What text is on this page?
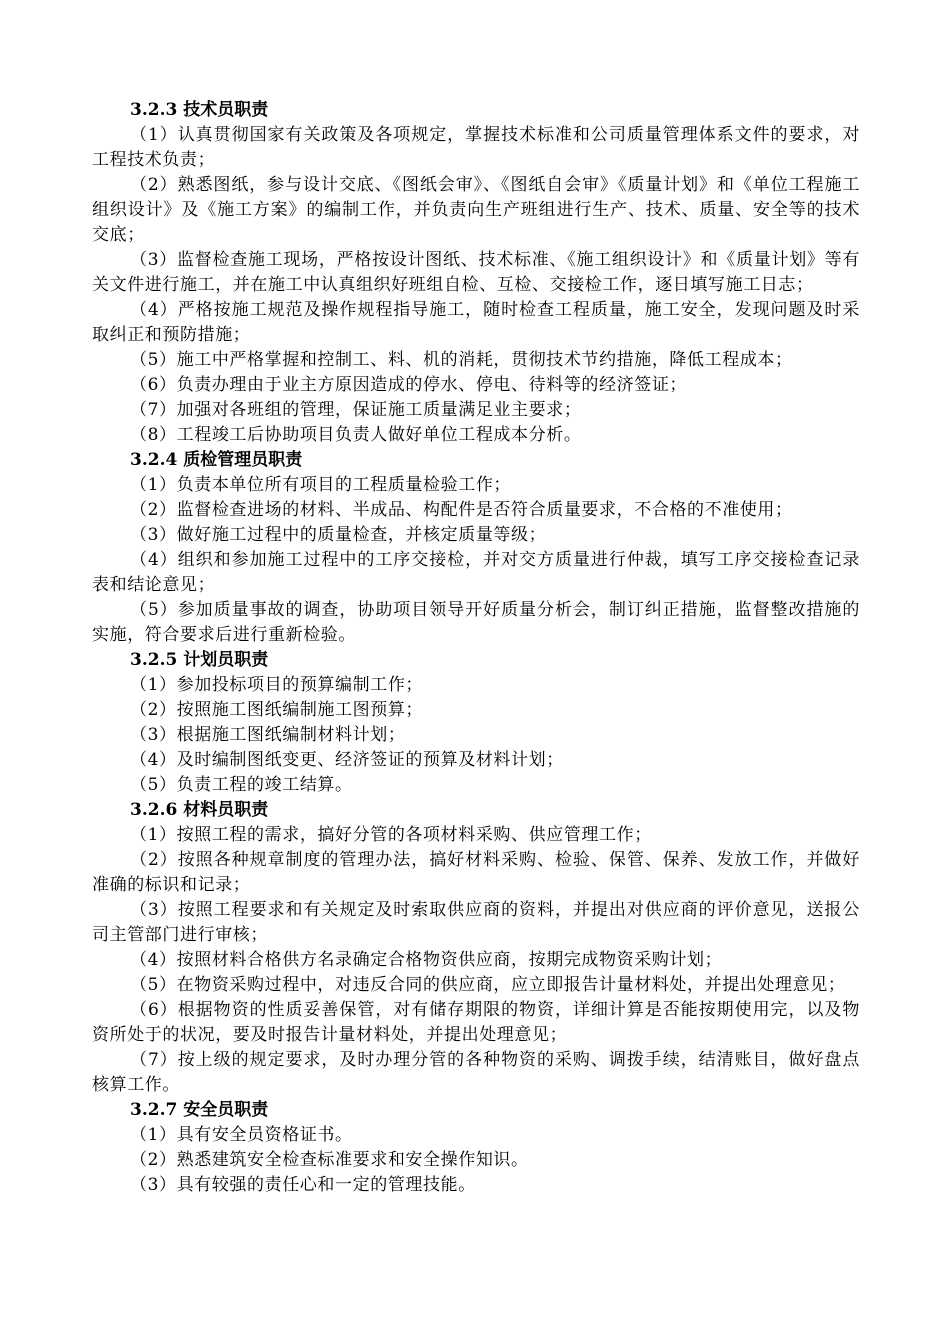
3.2.3 技术员职责

（1）认真贯彻国家有关政策及各项规定，掌握技术标准和公司质量管理体系文件的要求，对工程技术负责；

（2）熟悉图纸，参与设计交底、《图纸会审》、《图纸自会审》《质量计划》和《单位工程施工组织设计》及《施工方案》的编制工作，并负责向生产班组进行生产、技术、质量、安全等的技术交底；

（3）监督检查施工现场，严格按设计图纸、技术标准、《施工组织设计》和《质量计划》等有关文件进行施工，并在施工中认真组织好班组自检、互检、交接检工作，逐日填写施工日志；

（4）严格按施工规范及操作规程指导施工，随时检查工程质量，施工安全，发现问题及时采取纠正和预防措施；

（5）施工中严格掌握和控制工、料、机的消耗，贯彻技术节约措施，降低工程成本；

（6）负责办理由于业主方原因造成的停水、停电、待料等的经济签证；

（7）加强对各班组的管理，保证施工质量满足业主要求；

（8）工程竣工后协助项目负责人做好单位工程成本分析。

3.2.4 质检管理员职责

（1）负责本单位所有项目的工程质量检验工作；

（2）监督检查进场的材料、半成品、构配件是否符合质量要求，不合格的不准使用；

（3）做好施工过程中的质量检查，并核定质量等级；

（4）组织和参加施工过程中的工序交接检，并对交方质量进行仲裁，填写工序交接检查记录表和结论意见；

（5）参加质量事故的调查，协助项目领导开好质量分析会，制订纠正措施，监督整改措施的实施，符合要求后进行重新检验。

3.2.5 计划员职责

（1）参加投标项目的预算编制工作；

（2）按照施工图纸编制施工图预算；

（3）根据施工图纸编制材料计划；

（4）及时编制图纸变更、经济签证的预算及材料计划；

（5）负责工程的竣工结算。

3.2.6 材料员职责

（1）按照工程的需求，搞好分管的各项材料采购、供应管理工作；

（2）按照各种规章制度的管理办法，搞好材料采购、检验、保管、保养、发放工作，并做好准确的标识和记录；

（3）按照工程要求和有关规定及时索取供应商的资料，并提出对供应商的评价意见，送报公司主管部门进行审核；

（4）按照材料合格供方名录确定合格物资供应商，按期完成物资采购计划；

（5）在物资采购过程中，对违反合同的供应商，应立即报告计量材料处，并提出处理意见；

（6）根据物资的性质妥善保管，对有储存期限的物资，详细计算是否能按期使用完，以及物资所处于的状况，要及时报告计量材料处，并提出处理意见；

（7）按上级的规定要求，及时办理分管的各种物资的采购、调拨手续，结清账目，做好盘点核算工作。

3.2.7 安全员职责

（1）具有安全员资格证书。

（2）熟悉建筑安全检查标准要求和安全操作知识。

（3）具有较强的责任心和一定的管理技能。
